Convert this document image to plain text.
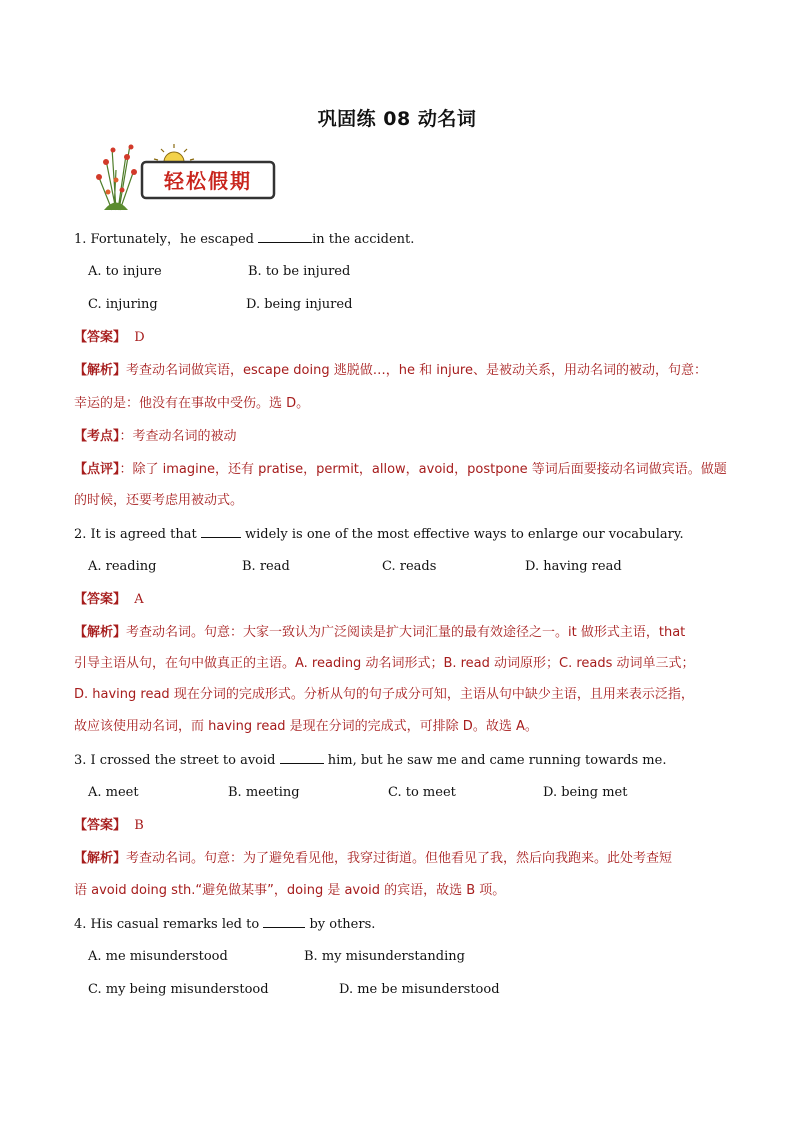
巩固练 08 动名词
轻松假期
1. Fortunately，he escaped	in the accident.
A. to injure	B. to be injured
C. injuring	D. being injured
【答案】 D
【解析】考查动名词做宾语，escape doing 逃脱做…，he 和 injure、是被动关系，用动名词的被动，句意：
幸运的是：他没有在事故中受伤。选 D。
【考点】：考查动名词的被动
【点评】：除了 imagine，还有 pratise，permit，allow，avoid，postpone 等词后面要接动名词做宾语。做题
的时候，还要考虑用被动式。
2. It is agreed that	widely is one of the most effective ways to enlarge our vocabulary.
A. reading	B. read	C. reads	D. having read
【答案】 A
【解析】考查动名词。句意：大家一致认为广泛阅读是扩大词汇量的最有效途径之一。it 做形式主语，that
引导主语从句，在句中做真正的主语。A. reading 动名词形式；B. read 动词原形；C. reads 动词单三式；
D. having read 现在分词的完成形式。分析从句的句子成分可知，主语从句中缺少主语，且用来表示泛指，
故应该使用动名词，而 having read 是现在分词的完成式，可排除 D。故选 A。
3. I crossed the street to avoid	him, but he saw me and came running towards me.
A. meet	B. meeting	C. to meet	D. being met
【答案】 B
【解析】考查动名词。句意：为了避免看见他，我穿过街道。但他看见了我，然后向我跑来。此处考查短
语 avoid doing sth.“避免做某事”，doing 是 avoid 的宾语，故选 B 项。
4. His casual remarks led to	by others.
A. me misunderstood	B. my misunderstanding
C. my being misunderstood	D. me be misunderstood
